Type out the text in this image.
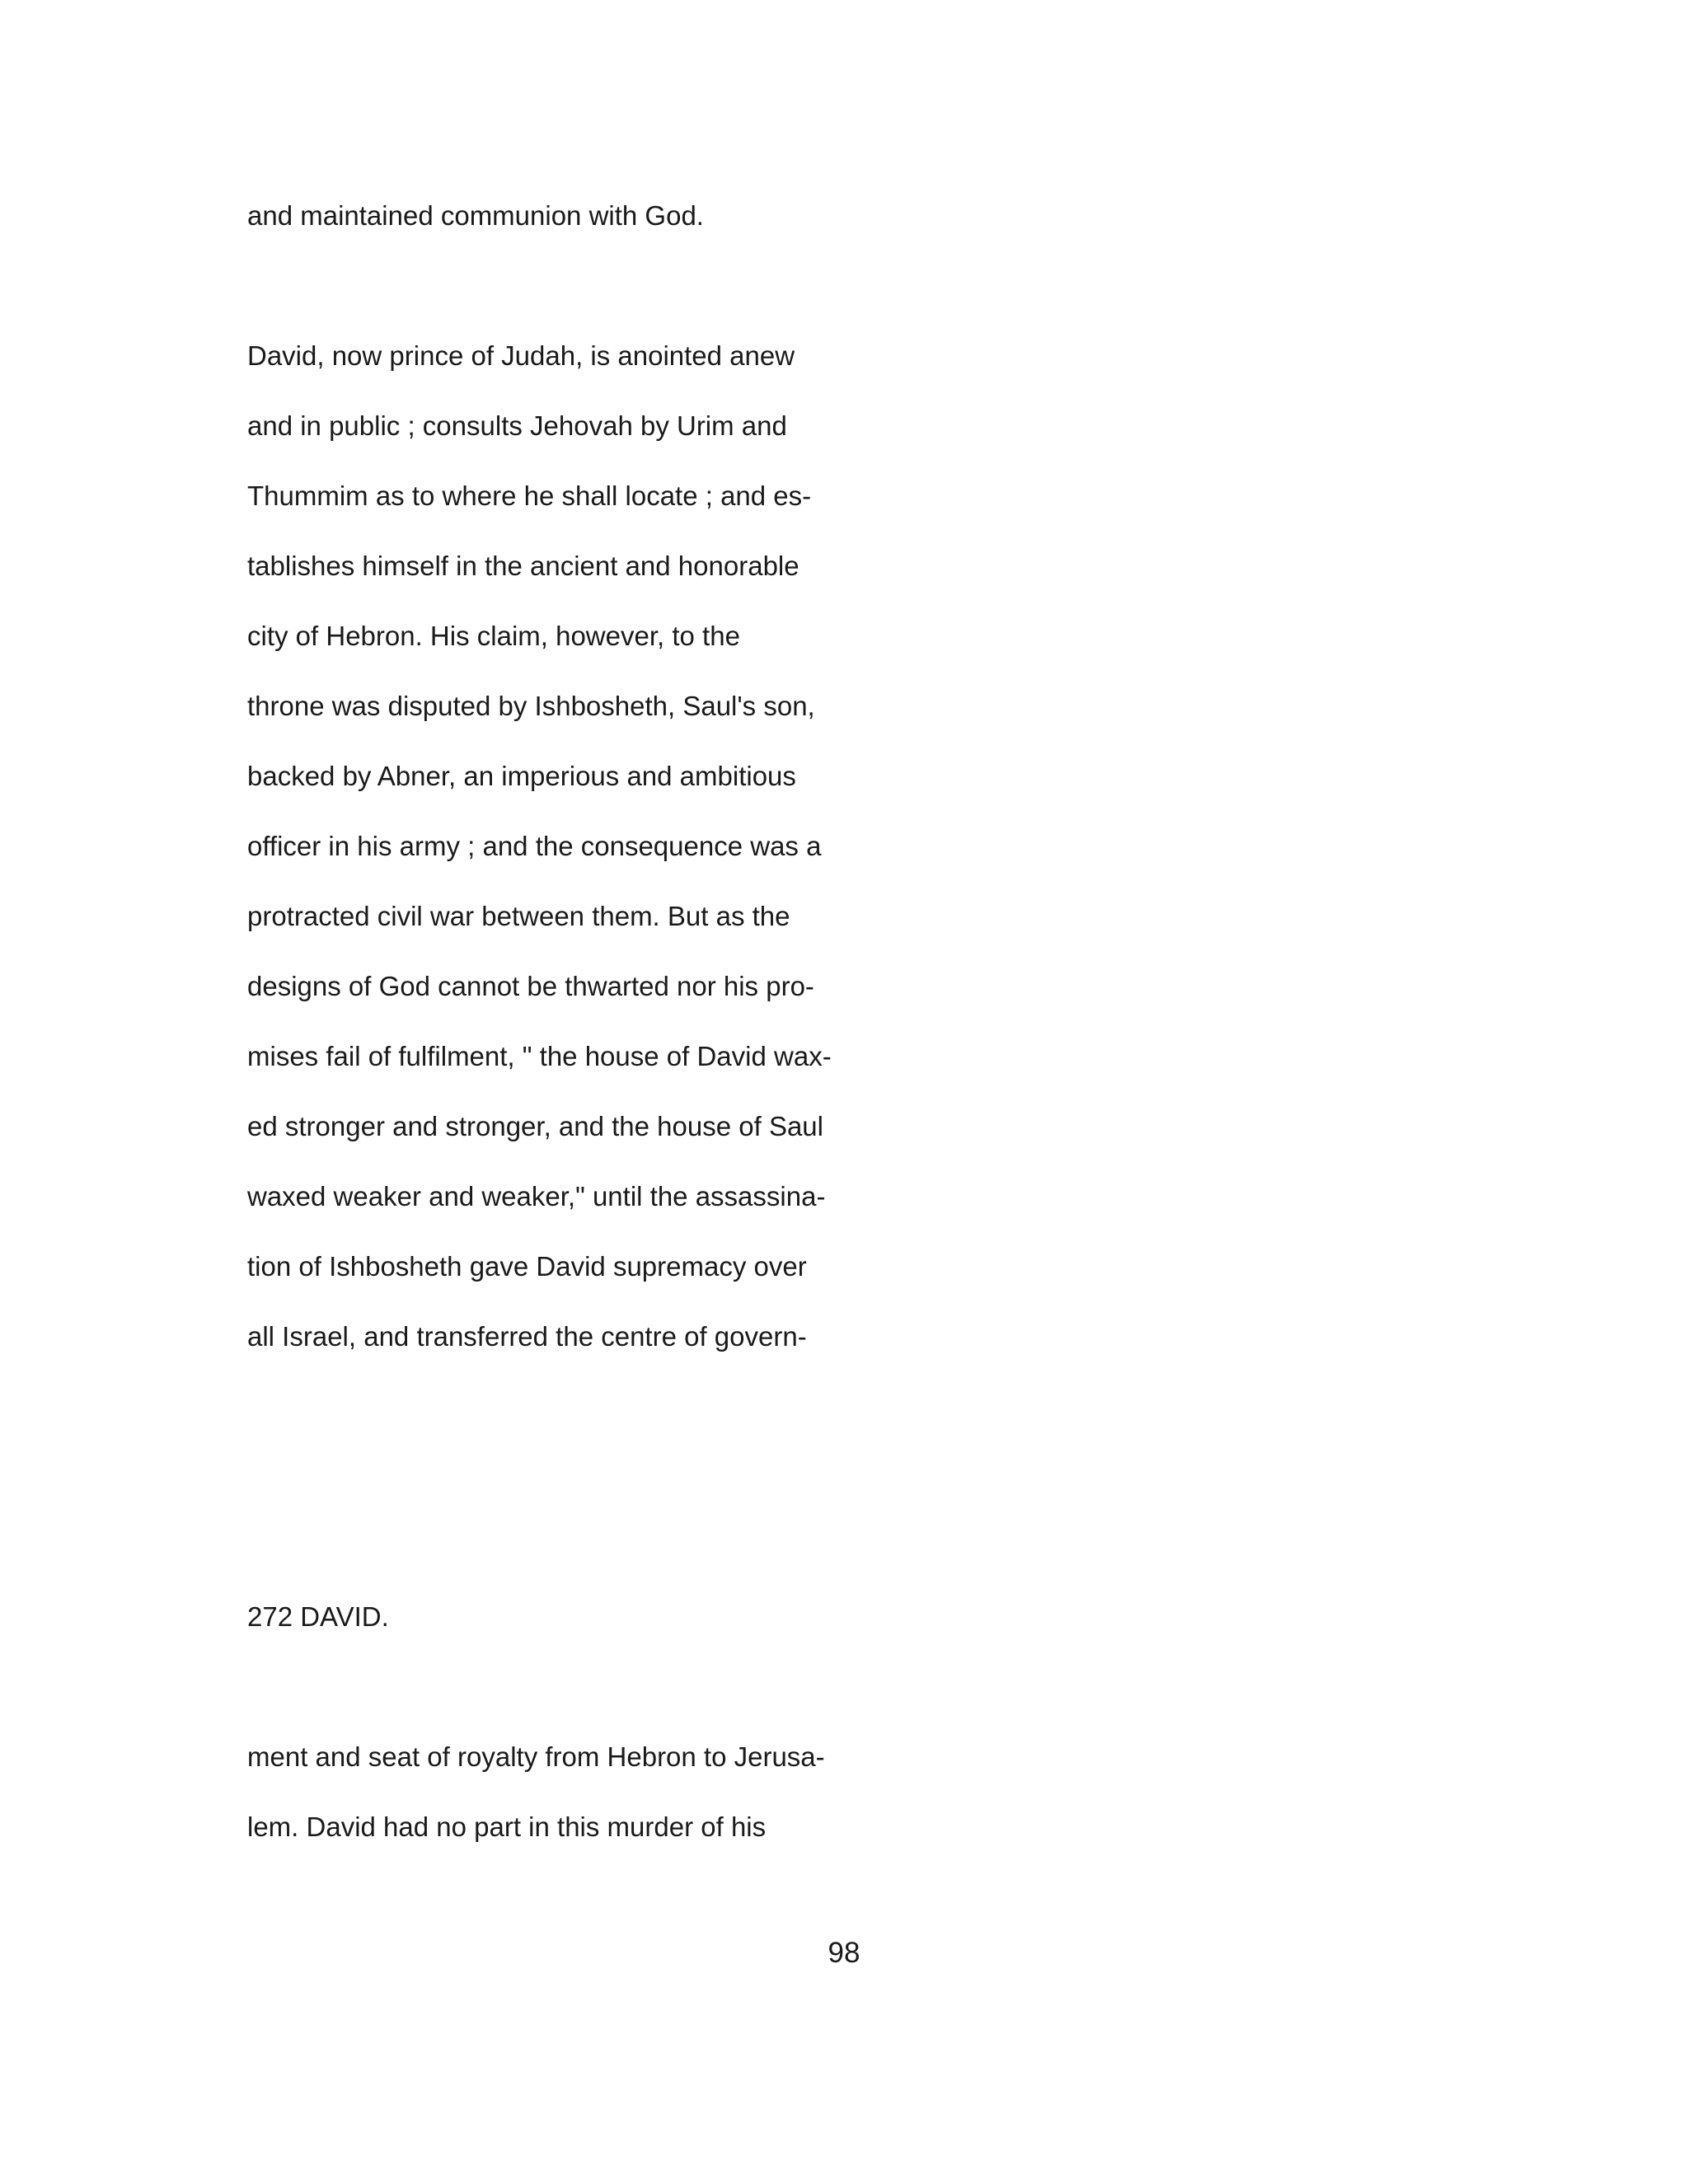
and maintained communion with God.
David, now prince of Judah, is anointed anew
and in public ; consults Jehovah by Urim and
Thummim as to where he shall locate ; and es-
tablishes himself in the ancient and honorable
city of Hebron. His claim, however, to the
throne was disputed by Ishbosheth, Saul's son,
backed by Abner, an imperious and ambitious
officer in his army ; and the consequence was a
protracted civil war between them. But as the
designs of God cannot be thwarted nor his pro-
mises fail of fulfilment, " the house of David wax-
ed stronger and stronger, and the house of Saul
waxed weaker and weaker," until the assassina-
tion of Ishbosheth gave David supremacy over
all Israel, and transferred the centre of govern-
272 DAVID.
ment and seat of royalty from Hebron to Jerusa-
lem. David had no part in this murder of his
98
